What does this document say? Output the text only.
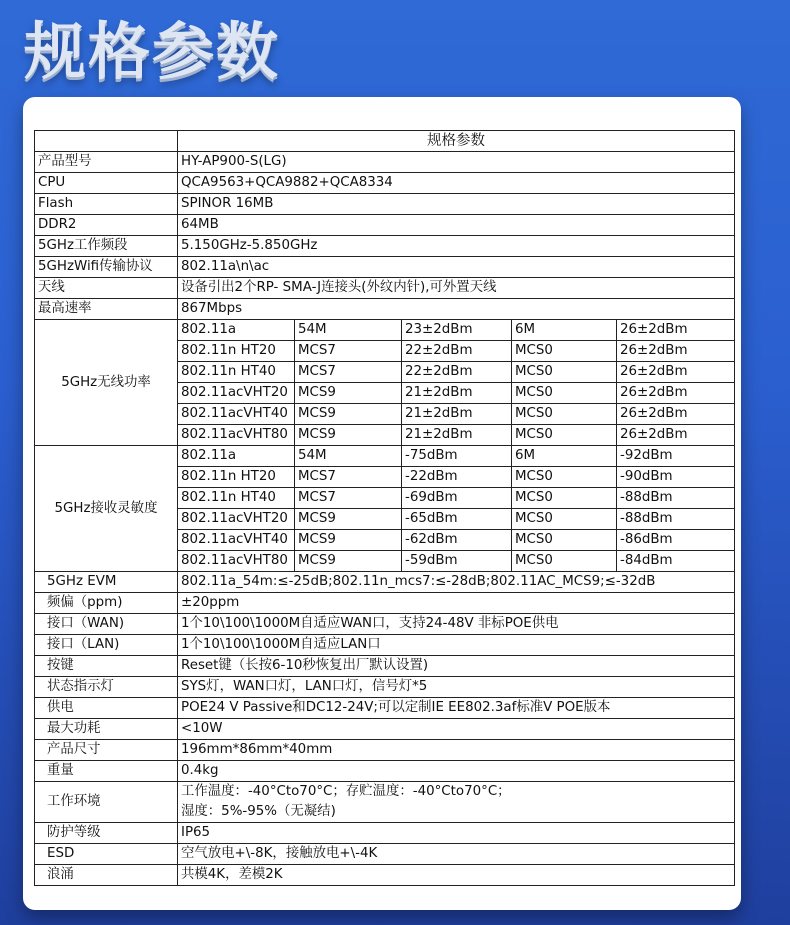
规格参数
	规格参数				
产品型号	HY-AP900-S(LG)				
CPU	QCA9563+QCA9882+QCA8334				
Flash	SPINOR 16MB				
DDR2	64MB				
5GHz工作频段	5.150GHz-5.850GHz				
5GHzWifi传输协议	802.11a\n\ac				
天线	设备引出2个RP- SMA-J连接头(外纹内针),可外置天线				
最高速率	867Mbps				
5GHz无线功率	802.11a	54M	23±2dBm	6M	26±2dBm
	802.11n HT20	MCS7	22±2dBm	MCS0	26±2dBm
	802.11n HT40	MCS7	22±2dBm	MCS0	26±2dBm
	802.11acVHT20	MCS9	21±2dBm	MCS0	26±2dBm
	802.11acVHT40	MCS9	21±2dBm	MCS0	26±2dBm
	802.11acVHT80	MCS9	21±2dBm	MCS0	26±2dBm
5GHz接收灵敏度	802.11a	54M	-75dBm	6M	-92dBm
	802.11n HT20	MCS7	-22dBm	MCS0	-90dBm
	802.11n HT40	MCS7	-69dBm	MCS0	-88dBm
	802.11acVHT20	MCS9	-65dBm	MCS0	-88dBm
	802.11acVHT40	MCS9	-62dBm	MCS0	-86dBm
	802.11acVHT80	MCS9	-59dBm	MCS0	-84dBm
5GHz EVM	802.11a_54m:≤-25dB;802.11n_mcs7:≤-28dB;802.11AC_MCS9;≤-32dB				
频偏（ppm)	±20ppm				
接口（WAN)	1个10\100\1000M自适应WAN口，支持24-48V 非标POE供电				
接口（LAN)	1个10\100\1000M自适应LAN口				
按键	Reset键（长按6-10秒恢复出厂默认设置)				
状态指示灯	SYS灯，WAN口灯，LAN口灯，信号灯*5				
供电	POE24 V Passive和DC12-24V;可以定制IE EE802.3af标准V POE版本				
最大功耗	<10W				
产品尺寸	196mm*86mm*40mm				
重量	0.4kg				
工作环境	工作温度：-40°Cto70°C；存贮温度：-40°Cto70°C；
湿度：5%-95%（无凝结)				

防护等级	IP65				
ESD	空气放电+\-8K，接触放电+\-4K				
浪涌	共模4K，差模2K				
